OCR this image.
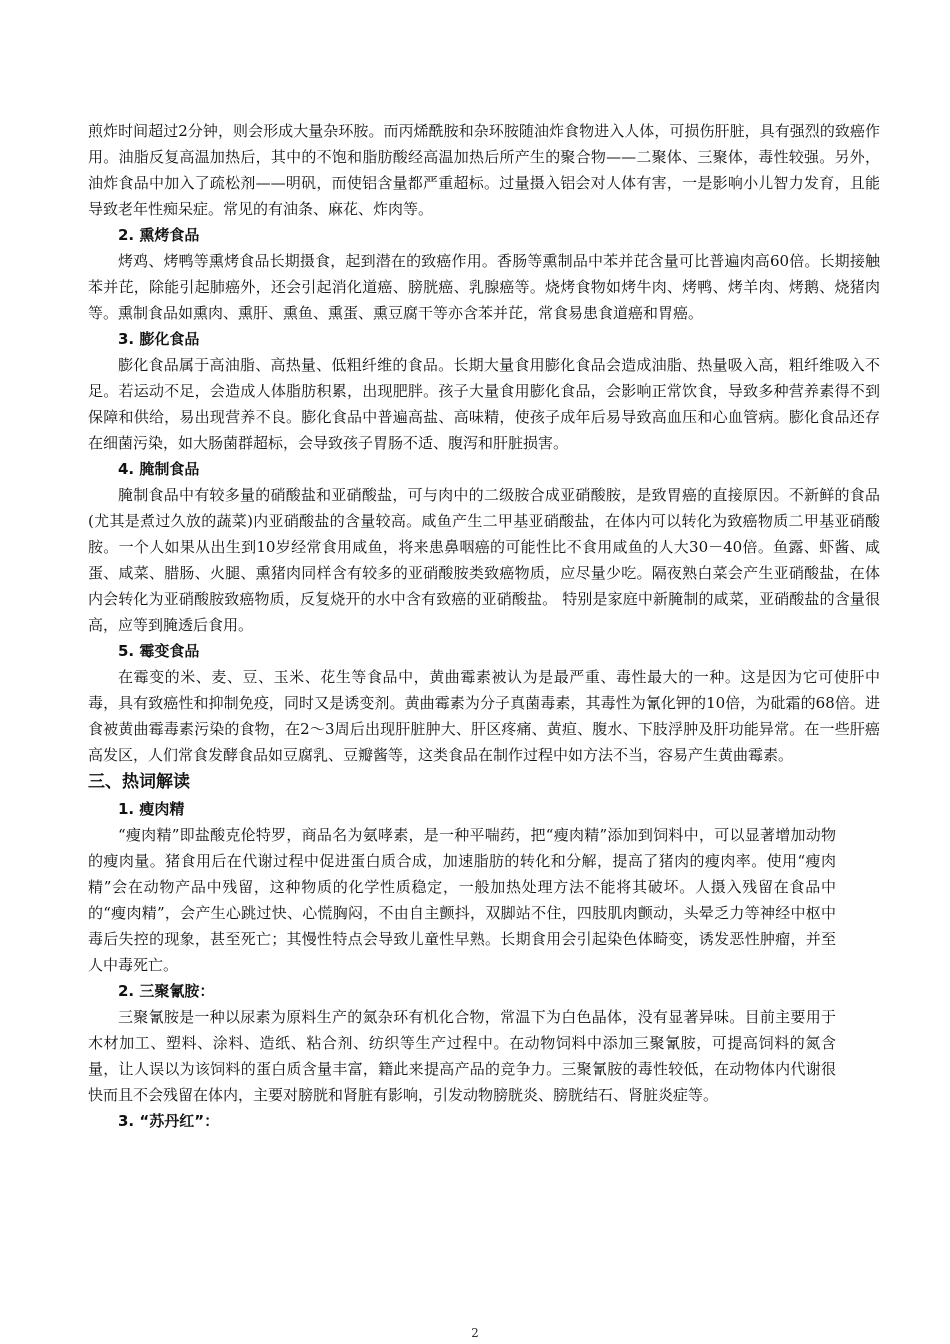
煎炸时间超过2分钟，则会形成大量杂环胺。而丙烯酰胺和杂环胺随油炸食物进入人体，可损伤肝脏，具有强烈的致癌作用。油脂反复高温加热后，其中的不饱和脂肪酸经高温加热后所产生的聚合物——二聚体、三聚体，毒性较强。另外，油炸食品中加入了疏松剂——明矾，而使铝含量都严重超标。过量摄入铝会对人体有害，一是影响小儿智力发育，且能导致老年性痴呆症。常见的有油条、麻花、炸肉等。

2. 熏烤食品

烤鸡、烤鸭等熏烤食品长期摄食，起到潜在的致癌作用。香肠等熏制品中苯并芘含量可比普遍肉高60倍。长期接触苯并芘，除能引起肺癌外，还会引起消化道癌、膀胱癌、乳腺癌等。烧烤食物如烤牛肉、烤鸭、烤羊肉、烤鹅、烧猪肉等。熏制食品如熏肉、熏肝、熏鱼、熏蛋、熏豆腐干等亦含苯并芘，常食易患食道癌和胃癌。

3. 膨化食品

膨化食品属于高油脂、高热量、低粗纤维的食品。长期大量食用膨化食品会造成油脂、热量吸入高，粗纤维吸入不足。若运动不足，会造成人体脂肪积累，出现肥胖。孩子大量食用膨化食品，会影响正常饮食，导致多种营养素得不到保障和供给，易出现营养不良。膨化食品中普遍高盐、高味精，使孩子成年后易导致高血压和心血管病。膨化食品还存在细菌污染，如大肠菌群超标，会导致孩子胃肠不适、腹泻和肝脏损害。

4. 腌制食品

腌制食品中有较多量的硝酸盐和亚硝酸盐，可与肉中的二级胺合成亚硝酸胺，是致胃癌的直接原因。不新鲜的食品(尤其是煮过久放的蔬菜)内亚硝酸盐的含量较高。咸鱼产生二甲基亚硝酸盐，在体内可以转化为致癌物质二甲基亚硝酸胺。一个人如果从出生到10岁经常食用咸鱼，将来患鼻咽癌的可能性比不食用咸鱼的人大30－40倍。鱼露、虾酱、咸蛋、咸菜、腊肠、火腿、熏猪肉同样含有较多的亚硝酸胺类致癌物质，应尽量少吃。隔夜熟白菜会产生亚硝酸盐，在体内会转化为亚硝酸胺致癌物质，反复烧开的水中含有致癌的亚硝酸盐。 特别是家庭中新腌制的咸菜，亚硝酸盐的含量很高，应等到腌透后食用。

5. 霉变食品

在霉变的米、麦、豆、玉米、花生等食品中，黄曲霉素被认为是最严重、毒性最大的一种。这是因为它可使肝中毒，具有致癌性和抑制免疫，同时又是诱变剂。黄曲霉素为分子真菌毒素，其毒性为氰化钾的10倍，为砒霜的68倍。进食被黄曲霉毒素污染的食物，在2～3周后出现肝脏肿大、肝区疼痛、黄疸、腹水、下肢浮肿及肝功能异常。在一些肝癌高发区，人们常食发酵食品如豆腐乳、豆瓣酱等，这类食品在制作过程中如方法不当，容易产生黄曲霉素。

三、热词解读

1. 瘦肉精

“瘦肉精”即盐酸克伦特罗，商品名为氨哮素，是一种平喘药，把“瘦肉精”添加到饲料中，可以显著增加动物的瘦肉量。猪食用后在代谢过程中促进蛋白质合成，加速脂肪的转化和分解，提高了猪肉的瘦肉率。使用“瘦肉精”会在动物产品中残留，这种物质的化学性质稳定，一般加热处理方法不能将其破坏。人摄入残留在食品中的“瘦肉精”，会产生心跳过快、心慌胸闷，不由自主颤抖，双脚站不住，四肢肌肉颤动，头晕乏力等神经中枢中毒后失控的现象，甚至死亡；其慢性特点会导致儿童性早熟。长期食用会引起染色体畸变，诱发恶性肿瘤，并至人中毒死亡。

2. 三聚氰胺：

三聚氰胺是一种以尿素为原料生产的氮杂环有机化合物，常温下为白色晶体，没有显著异味。目前主要用于木材加工、塑料、涂料、造纸、粘合剂、纺织等生产过程中。在动物饲料中添加三聚氰胺，可提高饲料的氮含量，让人误以为该饲料的蛋白质含量丰富，籍此来提高产品的竞争力。三聚氰胺的毒性较低，在动物体内代谢很快而且不会残留在体内，主要对膀胱和肾脏有影响，引发动物膀胱炎、膀胱结石、肾脏炎症等。

3. “苏丹红”：

2
